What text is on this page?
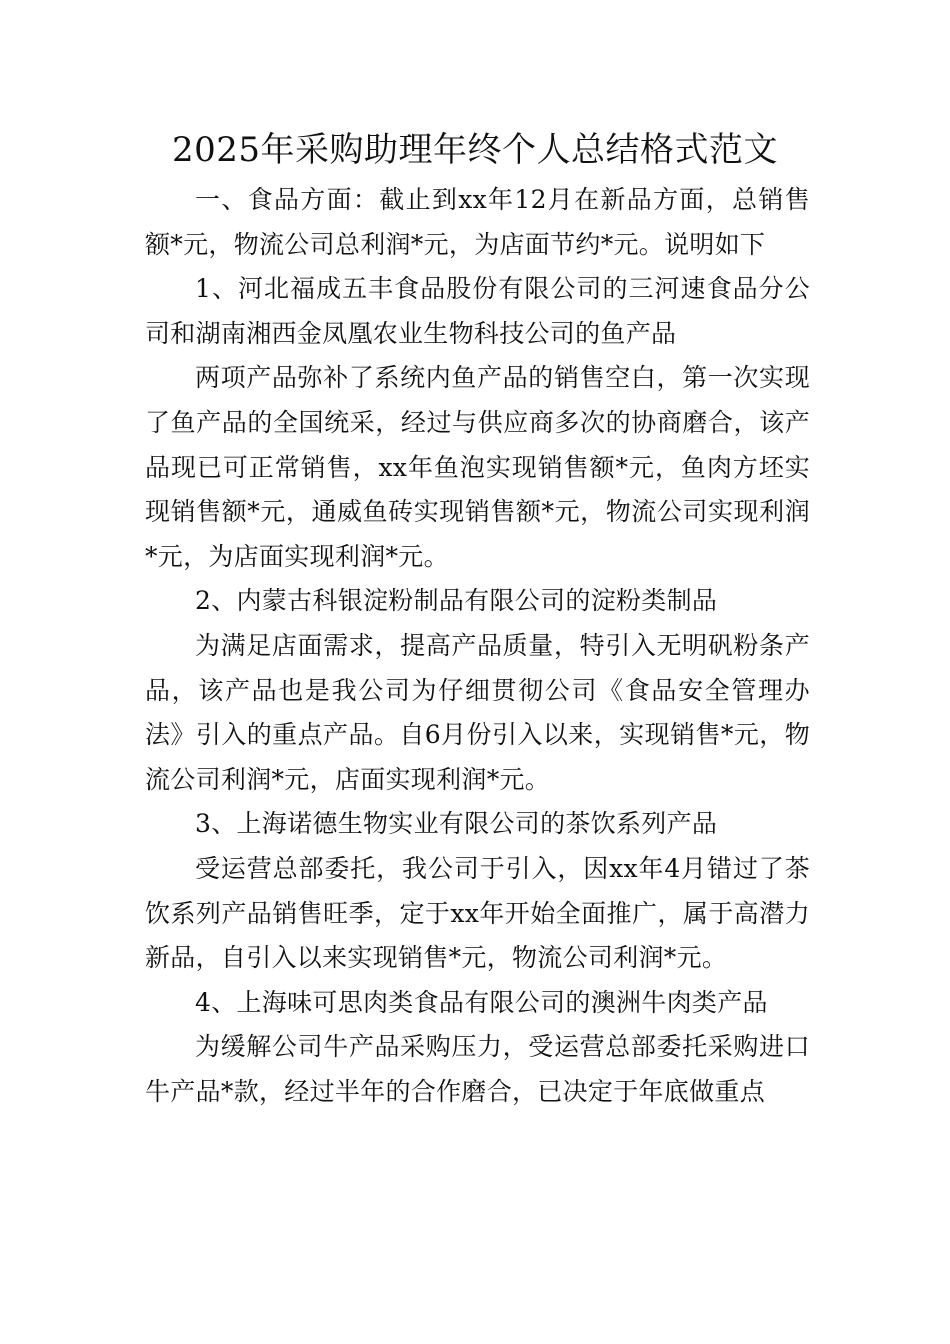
2025年采购助理年终个人总结格式范文

一、食品方面：截止到xx年12月在新品方面，总销售额*元，物流公司总利润*元，为店面节约*元。说明如下

1、河北福成五丰食品股份有限公司的三河速食品分公司和湖南湘西金凤凰农业生物科技公司的鱼产品

两项产品弥补了系统内鱼产品的销售空白，第一次实现了鱼产品的全国统采，经过与供应商多次的协商磨合，该产品现已可正常销售，xx年鱼泡实现销售额*元，鱼肉方坯实现销售额*元，通威鱼砖实现销售额*元，物流公司实现利润*元，为店面实现利润*元。

2、内蒙古科银淀粉制品有限公司的淀粉类制品

为满足店面需求，提高产品质量，特引入无明矾粉条产品，该产品也是我公司为仔细贯彻公司《食品安全管理办法》引入的重点产品。自6月份引入以来，实现销售*元，物流公司利润*元，店面实现利润*元。

3、上海诺德生物实业有限公司的茶饮系列产品

受运营总部委托，我公司于引入，因xx年4月错过了茶饮系列产品销售旺季，定于xx年开始全面推广，属于高潜力新品，自引入以来实现销售*元，物流公司利润*元。

4、上海味可思肉类食品有限公司的澳洲牛肉类产品

为缓解公司牛产品采购压力，受运营总部委托采购进口牛产品*款，经过半年的合作磨合，已决定于年底做重点
